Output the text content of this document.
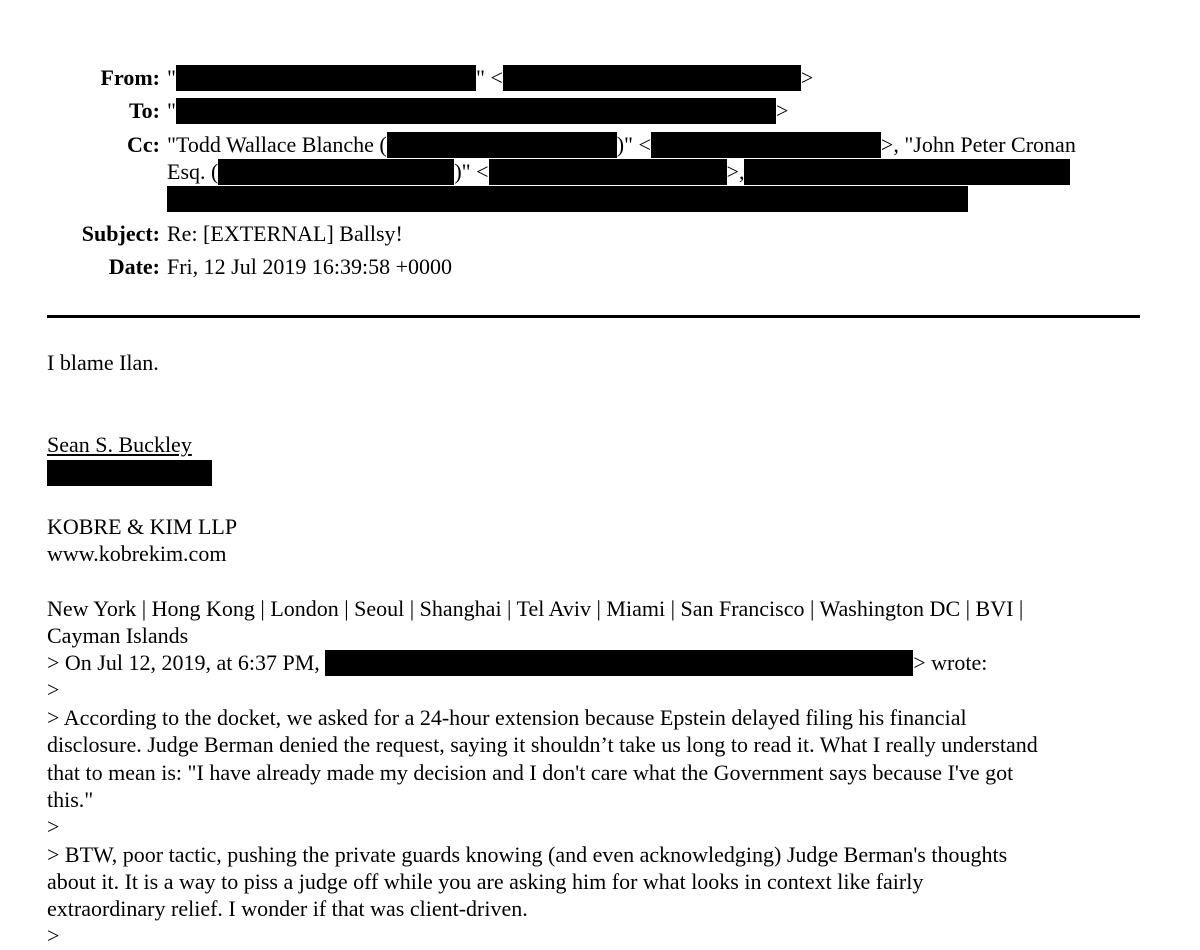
From: "	" <	>
To: "	>
Cc: "Todd Wallace Blanche (	)" <	>, "John Peter Cronan
Esq. (	)" <	>,
Subject: Re: [EXTERNAL] Ballsy!
Date: Fri, 12 Jul 2019 16:39:58 +0000
I blame Ilan.
Sean S. Buckley
KOBRE & KIM LLP
www.kobrekim.com
New York | Hong Kong | London | Seoul | Shanghai | Tel Aviv | Miami | San Francisco | Washington DC | BVI |
Cayman Islands
> On Jul 12, 2019, at 6:37 PM,	> wrote:
>
> According to the docket, we asked for a 24-hour extension because Epstein delayed filing his financial
disclosure. Judge Berman denied the request, saying it shouldn’t take us long to read it. What I really understand
that to mean is: "I have already made my decision and I don't care what the Government says because I've got
this."
>
> BTW, poor tactic, pushing the private guards knowing (and even acknowledging) Judge Berman's thoughts
about it. It is a way to piss a judge off while you are asking him for what looks in context like fairly
extraordinary relief. I wonder if that was client-driven.
>
